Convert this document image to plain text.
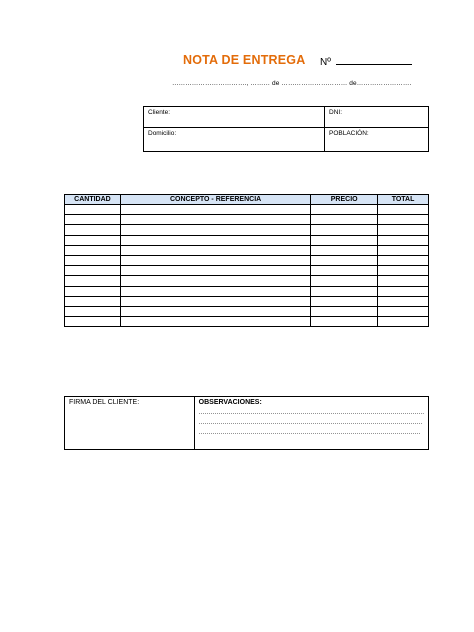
NOTA DE ENTREGA Nº
……………………………., ……… de ………………………… de…………………….
Cliente:	DNI:
Domicilio:	POBLACIÓN:
CANTIDAD	CONCEPTO - REFERENCIA	PRECIO	TOTAL

FIRMA DEL CLIENTE:	OBSERVACIONES:
…………………………………………………………………………………………………..
………………………………………………………………………………………………….
…………………………………………………………………………………………………
